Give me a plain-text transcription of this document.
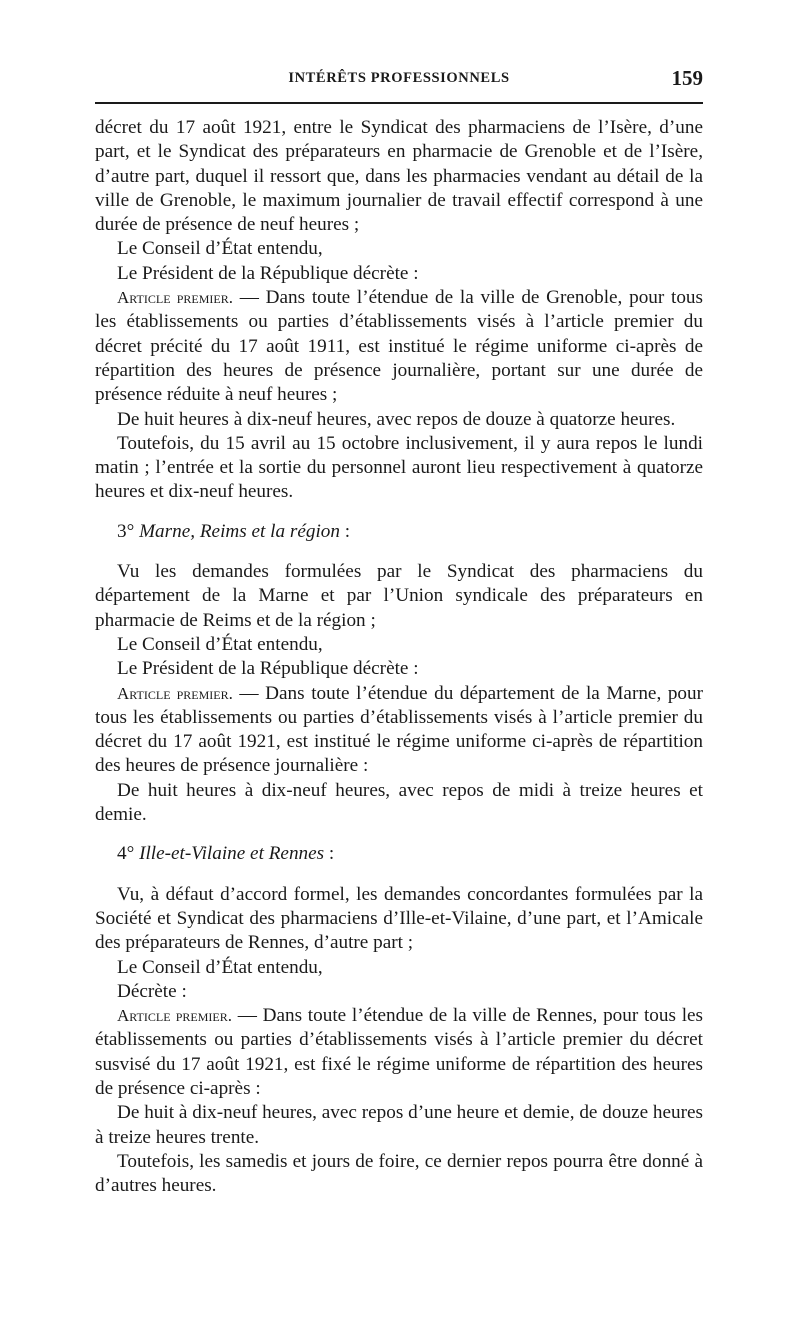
INTÉRÊTS PROFESSIONNELS	159

décret du 17 août 1921, entre le Syndicat des pharmaciens de l’Isère, d’une part, et le Syndicat des préparateurs en pharmacie de Grenoble et de l’Isère, d’autre part, duquel il ressort que, dans les pharmacies vendant au détail de la ville de Grenoble, le maximum journalier de travail effectif correspond à une durée de présence de neuf heures ;

Le Conseil d’État entendu,

Le Président de la République décrète :

Article premier. — Dans toute l’étendue de la ville de Grenoble, pour tous les établissements ou parties d’établissements visés à l’article premier du décret précité du 17 août 1911, est institué le régime uniforme ci-après de répartition des heures de présence journalière, portant sur une durée de présence réduite à neuf heures ;

De huit heures à dix-neuf heures, avec repos de douze à quatorze heures.

Toutefois, du 15 avril au 15 octobre inclusivement, il y aura repos le lundi matin ; l’entrée et la sortie du personnel auront lieu respectivement à quatorze heures et dix-neuf heures.

3° Marne, Reims et la région :

Vu les demandes formulées par le Syndicat des pharmaciens du département de la Marne et par l’Union syndicale des préparateurs en pharmacie de Reims et de la région ;

Le Conseil d’État entendu,

Le Président de la République décrète :

Article premier. — Dans toute l’étendue du département de la Marne, pour tous les établissements ou parties d’établissements visés à l’article premier du décret du 17 août 1921, est institué le régime uniforme ci-après de répartition des heures de présence journalière :

De huit heures à dix-neuf heures, avec repos de midi à treize heures et demie.

4° Ille-et-Vilaine et Rennes :

Vu, à défaut d’accord formel, les demandes concordantes formulées par la Société et Syndicat des pharmaciens d’Ille-et-Vilaine, d’une part, et l’Amicale des préparateurs de Rennes, d’autre part ;

Le Conseil d’État entendu,

Décrète :

Article premier. — Dans toute l’étendue de la ville de Rennes, pour tous les établissements ou parties d’établissements visés à l’article premier du décret susvisé du 17 août 1921, est fixé le régime uniforme de répartition des heures de présence ci-après :

De huit à dix-neuf heures, avec repos d’une heure et demie, de douze heures à treize heures trente.

Toutefois, les samedis et jours de foire, ce dernier repos pourra être donné à d’autres heures.
